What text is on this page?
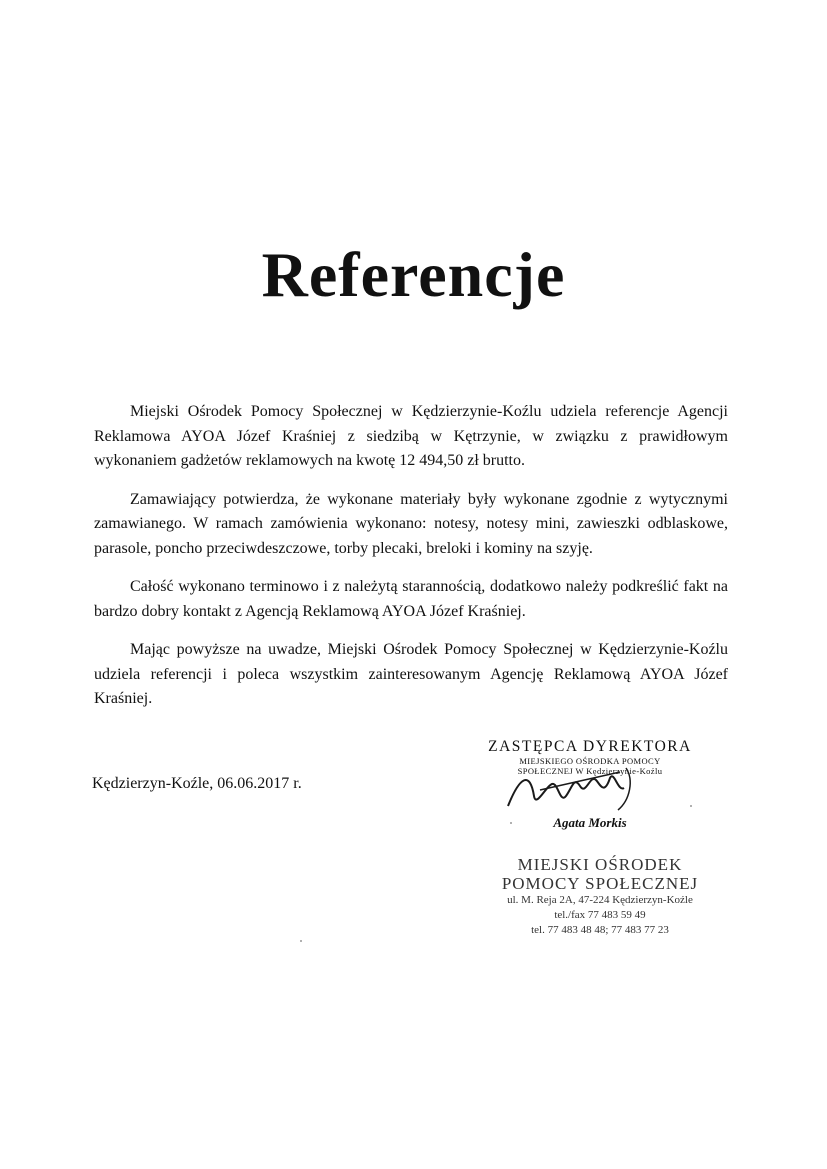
Referencje

Miejski Ośrodek Pomocy Społecznej w Kędzierzynie-Koźlu udziela referencje Agencji Reklamowa AYOA Józef Kraśniej z siedzibą w Kętrzynie, w związku z prawidłowym wykonaniem gadżetów reklamowych na kwotę 12 494,50 zł brutto.

Zamawiający potwierdza, że wykonane materiały były wykonane zgodnie z wytycznymi zamawianego. W ramach zamówienia wykonano: notesy, notesy mini, zawieszki odblaskowe, parasole, poncho przeciwdeszczowe, torby plecaki, breloki i kominy na szyję.

Całość wykonano terminowo i z należytą starannością, dodatkowo należy podkreślić fakt na bardzo dobry kontakt z Agencją Reklamową AYOA Józef Kraśniej.

Mając powyższe na uwadze, Miejski Ośrodek Pomocy Społecznej w Kędzierzynie-Koźlu udziela referencji i poleca wszystkim zainteresowanym Agencję Reklamową AYOA Józef Kraśniej.

Kędzierzyn-Koźle, 06.06.2017 r.
ZASTĘPCA DYREKTORA
MIEJSKIEGO OŚRODKA POMOCY
SPOŁECZNEJ W Kędzierzynie-Koźlu
Agata Morkis
MIEJSKI OŚRODEK
POMOCY SPOŁECZNEJ
ul. M. Reja 2A, 47-224 Kędzierzyn-Koźle
tel./fax 77 483 59 49
tel. 77 483 48 48; 77 483 77 23
